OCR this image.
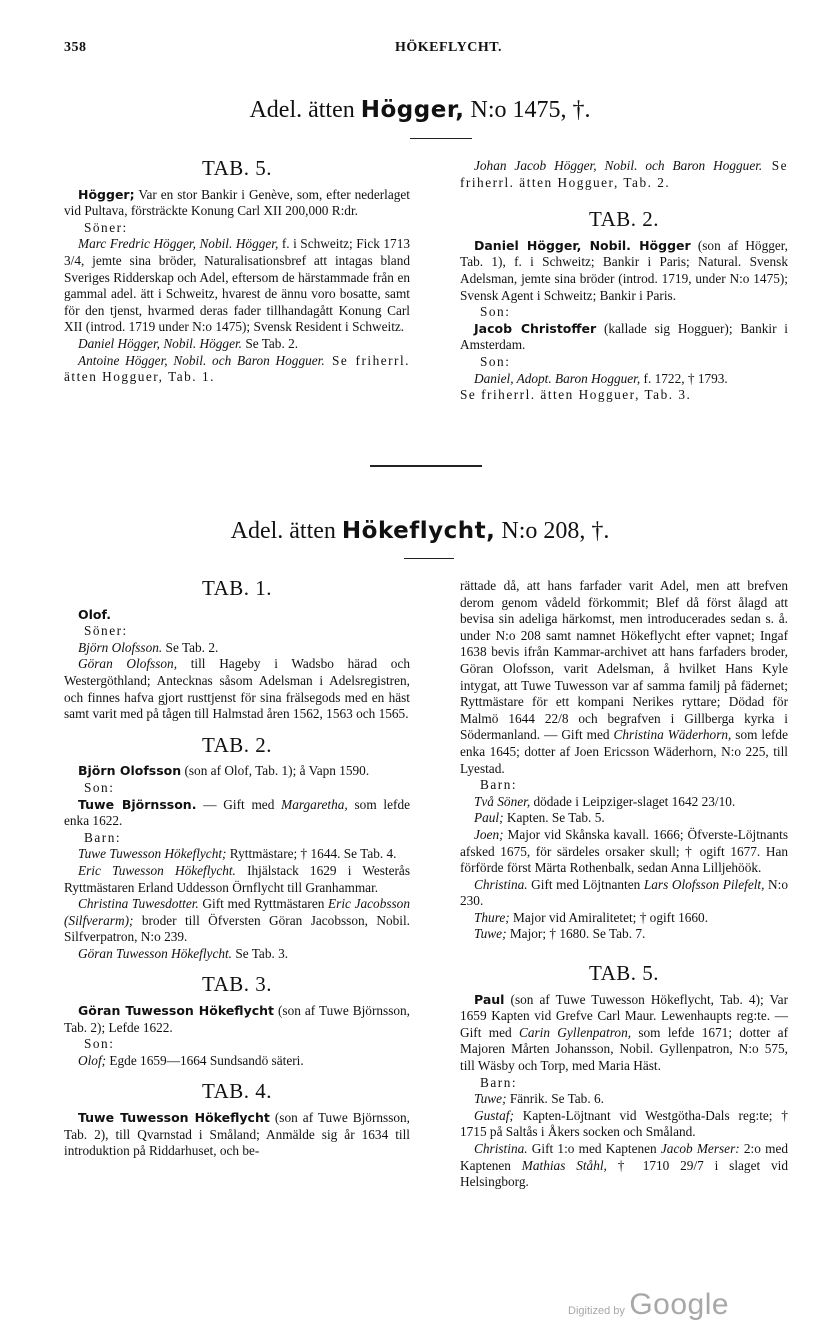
358	HÖKEFLYCHT.
Adel. ätten Högger, N:o 1475, †.
TAB. 5.

Högger; Var en stor Bankir i Genève, som, efter nederlaget vid Pultava, försträckte Konung Carl XII 200,000 R:dr.

Söner:

Marc Fredric Högger, Nobil. Högger, f. i Schweitz; Fick 1713 3/4, jemte sina bröder, Naturalisationsbref att intagas bland Sveriges Ridderskap och Adel, eftersom de härstammade från en gammal adel. ätt i Schweitz, hvarest de ännu voro bosatte, samt för den tjenst, hvarmed deras fader tillhandagått Konung Carl XII (introd. 1719 under N:o 1475); Svensk Resident i Schweitz.

Daniel Högger, Nobil. Högger. Se Tab. 2.

Antoine Högger, Nobil. och Baron Hogguer. Se friherrl. ätten Hogguer, Tab. 1.

Johan Jacob Högger, Nobil. och Baron Hogguer. Se friherrl. ätten Hogguer, Tab. 2.

TAB. 2.

Daniel Högger, Nobil. Högger (son af Högger, Tab. 1), f. i Schweitz; Bankir i Paris; Natural. Svensk Adelsman, jemte sina bröder (introd. 1719, under N:o 1475); Svensk Agent i Schweitz; Bankir i Paris.

Son:

Jacob Christoffer (kallade sig Hogguer); Bankir i Amsterdam.

Son:

Daniel, Adopt. Baron Hogguer, f. 1722, † 1793.

Se friherrl. ätten Hogguer, Tab. 3.

Adel. ätten Hökeflycht, N:o 208, †.
TAB. 1.

Olof.

Söner:

Björn Olofsson. Se Tab. 2.

Göran Olofsson, till Hageby i Wadsbo härad och Westergöthland; Antecknas såsom Adelsman i Adelsregistren, och finnes hafva gjort rusttjenst för sina frälsegods med en häst samt varit med på tågen till Halmstad åren 1562, 1563 och 1565.

TAB. 2.

Björn Olofsson (son af Olof, Tab. 1); å Vapn 1590.

Son:

Tuwe Björnsson. — Gift med Margaretha, som lefde enka 1622.

Barn:

Tuwe Tuwesson Hökeflycht; Ryttmästare; † 1644. Se Tab. 4.

Eric Tuwesson Hökeflycht. Ihjälstack 1629 i Westerås Ryttmästaren Erland Uddesson Örnflycht till Granhammar.

Christina Tuwesdotter. Gift med Ryttmästaren Eric Jacobsson (Silfverarm); broder till Öfversten Göran Jacobsson, Nobil. Silfverpatron, N:o 239.

Göran Tuwesson Hökeflycht. Se Tab. 3.

TAB. 3.

Göran Tuwesson Hökeflycht (son af Tuwe Björnsson, Tab. 2); Lefde 1622.

Son:

Olof; Egde 1659—1664 Sundsandö säteri.

TAB. 4.

Tuwe Tuwesson Hökeflycht (son af Tuwe Björnsson, Tab. 2), till Qvarnstad i Småland; Anmälde sig år 1634 till introduktion på Riddarhuset, och be-

rättade då, att hans farfader varit Adel, men att brefven derom genom vådeld förkommit; Blef då först ålagd att bevisa sin adeliga härkomst, men introducerades sedan s. å. under N:o 208 samt namnet Hökeflycht efter vapnet; Ingaf 1638 bevis ifrån Kammar-archivet att hans farfaders broder, Göran Olofsson, varit Adelsman, å hvilket Hans Kyle intygat, att Tuwe Tuwesson var af samma familj på fädernet; Ryttmästare för ett kompani Nerikes ryttare; Dödad för Malmö 1644 22/8 och begrafven i Gillberga kyrka i Södermanland. — Gift med Christina Wäderhorn, som lefde enka 1645; dotter af Joen Ericsson Wäderhorn, N:o 225, till Lyestad.

Barn:

Två Söner, dödade i Leipziger-slaget 1642 23/10.

Paul; Kapten. Se Tab. 5.

Joen; Major vid Skånska kavall. 1666; Öfverste-Löjtnants afsked 1675, för särdeles orsaker skull; † ogift 1677. Han förförde först Märta Rothenbalk, sedan Anna Lilljehöök.

Christina. Gift med Löjtnanten Lars Olofsson Pilefelt, N:o 230.

Thure; Major vid Amiralitetet; † ogift 1660.

Tuwe; Major; † 1680. Se Tab. 7.

TAB. 5.

Paul (son af Tuwe Tuwesson Hökeflycht, Tab. 4); Var 1659 Kapten vid Grefve Carl Maur. Lewenhaupts reg:te. — Gift med Carin Gyllenpatron, som lefde 1671; dotter af Majoren Mårten Johansson, Nobil. Gyllenpatron, N:o 575, till Wäsby och Torp, med Maria Häst.

Barn:

Tuwe; Fänrik. Se Tab. 6.

Gustaf; Kapten-Löjtnant vid Westgötha-Dals reg:te; † 1715 på Saltås i Åkers socken och Småland.

Christina. Gift 1:o med Kaptenen Jacob Merser: 2:o med Kaptenen Mathias Ståhl, † 1710 29/7 i slaget vid Helsingborg.

Digitized by Google
